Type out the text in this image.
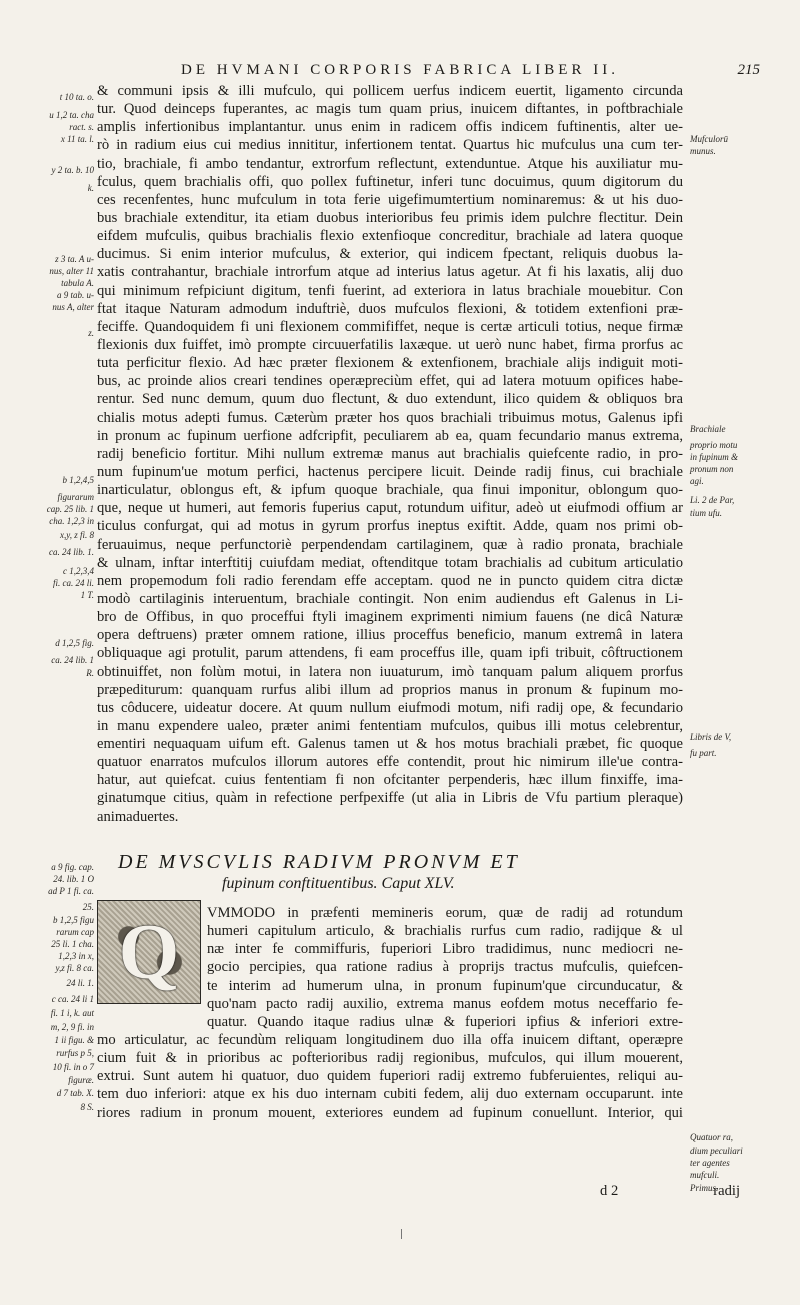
DE HVMANI CORPORIS FABRICA LIBER II.	215
& communi ipsis & illi mufculo, qui pollicem uerfus indicem euertit, ligamento circunda
tur. Quod deinceps fuperantes, ac magis tum quam prius, inuicem diftantes, in poftbrachiale
amplis infertionibus implantantur. unus enim in radicem offis indicem fuftinentis, alter ue-
rò in radium eius cui medius innititur, infertionem tentat. Quartus hic mufculus una cum ter-
tio, brachiale, fi ambo tendantur, extrorfum reflectunt, extenduntue. Atque his auxiliatur mu-
fculus, quem brachialis offi, quo pollex fuftinetur, inferi tunc docuimus, quum digitorum du
ces recenfentes, hunc mufculum in tota ferie uigefimumtertium nominaremus: & ut his duo-
bus brachiale extenditur, ita etiam duobus interioribus feu primis idem pulchre flectitur. Dein
eifdem mufculis, quibus brachialis flexio extenfioque concreditur, brachiale ad latera quoque
ducimus. Si enim interior mufculus, & exterior, qui indicem fpectant, reliquis duobus la-
xatis contrahantur, brachiale introrfum atque ad interius latus agetur. At fi his laxatis, alij duo
qui minimum refpiciunt digitum, tenfi fuerint, ad exteriora in latus brachiale mouebitur. Con
ftat itaque Naturam admodum induftriè, duos mufculos flexioni, & totidem extenfioni præ-
feciffe. Quandoquidem fi uni flexionem commififfet, neque is certæ articuli totius, neque firmæ
flexionis dux fuiffet, imò prompte circuuerfatilis laxæque. ut uerò nunc habet, firma prorfus ac
tuta perficitur flexio. Ad hæc præter flexionem & extenfionem, brachiale alijs indiguit moti-
bus, ac proinde alios creari tendines operæpreciùm effet, qui ad latera motuum opifices habe-
rentur. Sed nunc demum, quum duo flectunt, & duo extendunt, ilico quidem & obliquos bra
chialis motus adepti fumus. Cæterùm præter hos quos brachiali tribuimus motus, Galenus ipfi
in pronum ac fupinum uerfione adfcripfit, peculiarem ab ea, quam fecundario manus extrema,
radij beneficio fortitur. Mihi nullum extremæ manus aut brachialis quiefcente radio, in pro-
num fupinum'ue motum perfici, hactenus percipere licuit. Deinde radij finus, cui brachiale
inarticulatur, oblongus eft, & ipfum quoque brachiale, qua finui imponitur, oblongum quo-
que, neque ut humeri, aut femoris fuperius caput, rotundum uifitur, adeò ut eiufmodi offium ar
ticulus confurgat, qui ad motus in gyrum prorfus ineptus exiftit. Adde, quam nos primi ob-
feruauimus, neque perfunctoriè perpendendam cartilaginem, quæ à radio pronata, brachiale
& ulnam, inftar interftitij cuiufdam mediat, oftenditque totam brachialis ad cubitum articulatio
nem propemodum foli radio ferendam effe acceptam. quod ne in puncto quidem citra dictæ
modò cartilaginis interuentum, brachiale contingit. Non enim audiendus eft Galenus in Li-
bro de Offibus, in quo proceffui ftyli imaginem exprimenti nimium fauens (ne dicâ Naturæ
opera deftruens) præter omnem ratione, illius proceffus beneficio, manum extremâ in latera
obliquaque agi protulit, parum attendens, fi eam proceffus ille, quam ipfi tribuit, côftructionem
obtinuiffet, non folùm motui, in latera non iuuaturum, imò tanquam palum aliquem prorfus
præpediturum: quanquam rurfus alibi illum ad proprios manus in pronum & fupinum mo-
tus côducere, uideatur docere. At quum nullum eiufmodi motum, nifi radij ope, & fecundario
in manu expendere ualeo, præter animi fententiam mufculos, quibus illi motus celebrentur,
ementiri nequaquam uifum eft. Galenus tamen ut & hos motus brachiali præbet, fic quoque
quatuor enarratos mufculos illorum autores effe contendit, prout hic nimirum ille'ue contra-
hatur, aut quiefcat. cuius fententiam fi non ofcitanter perpenderis, hæc illum finxiffe, ima-
ginatumque citius, quàm in refectione perfpexiffe (ut alia in Libris de Vfu partium pleraque)
animaduertes.
DE MVSCVLIS RADIVM PRONVM ET
fupinum conftituentibus. Caput XLV.
Q	VMMODO in præfenti memineris eorum, quæ de radij ad rotundum
humeri capitulum articulo, & brachialis rurfus cum radio, radijque & ul
næ inter fe commiffuris, fuperiori Libro tradidimus, nunc mediocri ne-
gocio percipies, qua ratione radius à proprijs tractus mufculis, quiefcen-
te interim ad humerum ulna, in pronum fupinum'que circunducatur, &
quo'nam pacto radij auxilio, extrema manus eofdem motus neceffario fe-
quatur. Quando itaque radius ulnæ & fuperiori ipfius & inferiori extre-
mo articulatur, ac fecundùm reliquam longitudinem duo illa offa inuicem diftant, operæpre
cium fuit & in prioribus ac pofterioribus radij regionibus, mufculos, qui illum mouerent,
extrui. Sunt autem hi quatuor, duo quidem fuperiori radij extremo fubferuientes, reliqui au-
tem duo inferiori: atque ex his duo internam cubiti fedem, alij duo externam occuparunt. inte
riores radium in pronum mouent, exteriores eundem ad fupinum conuellunt. Interior, qui
t 10 ta. o.
u 1,2 ta. cha
ract. s.
x 11 ta. l.
y 2 ta. b. 10
k.
z 3 ta. A u-
nus, alter 11
tabula A.
a 9 tab. u-
nus A, alter
z.
b 1,2,4,5
figurarum
cap. 25 lib. 1
cha. 1,2,3 in
x,y, z fi. 8
ca. 24 lib. 1.
c 1,2,3,4
fi. ca. 24 li.
1 T.
d 1,2,5 fig.
ca. 24 lib. 1
R.
a 9 fig. cap.
24. lib. 1 O
ad P 1 fi. ca.
25.
b 1,2,5 figu
rarum cap
25 li. 1 cha.
1,2,3 in x,
y,z fi. 8 ca.
24 li. 1.
c ca. 24 li 1
fi. 1 i, k. aut
m, 2, 9 fi. in
1 ii figu. &
rurfus p 5,
10 fi. in o 7
figuræ.
d 7 tab. X.
8 S.
Mufculorū
munus.
Brachiale
proprio motu
in fupinum &
pronum non
agi.
Li. 2 de Par,
tium ufu.
Libris de V,
fu part.
Quatuor ra,
dium peculiari
ter agentes
mufculi.
Primus.
d 2	radij
